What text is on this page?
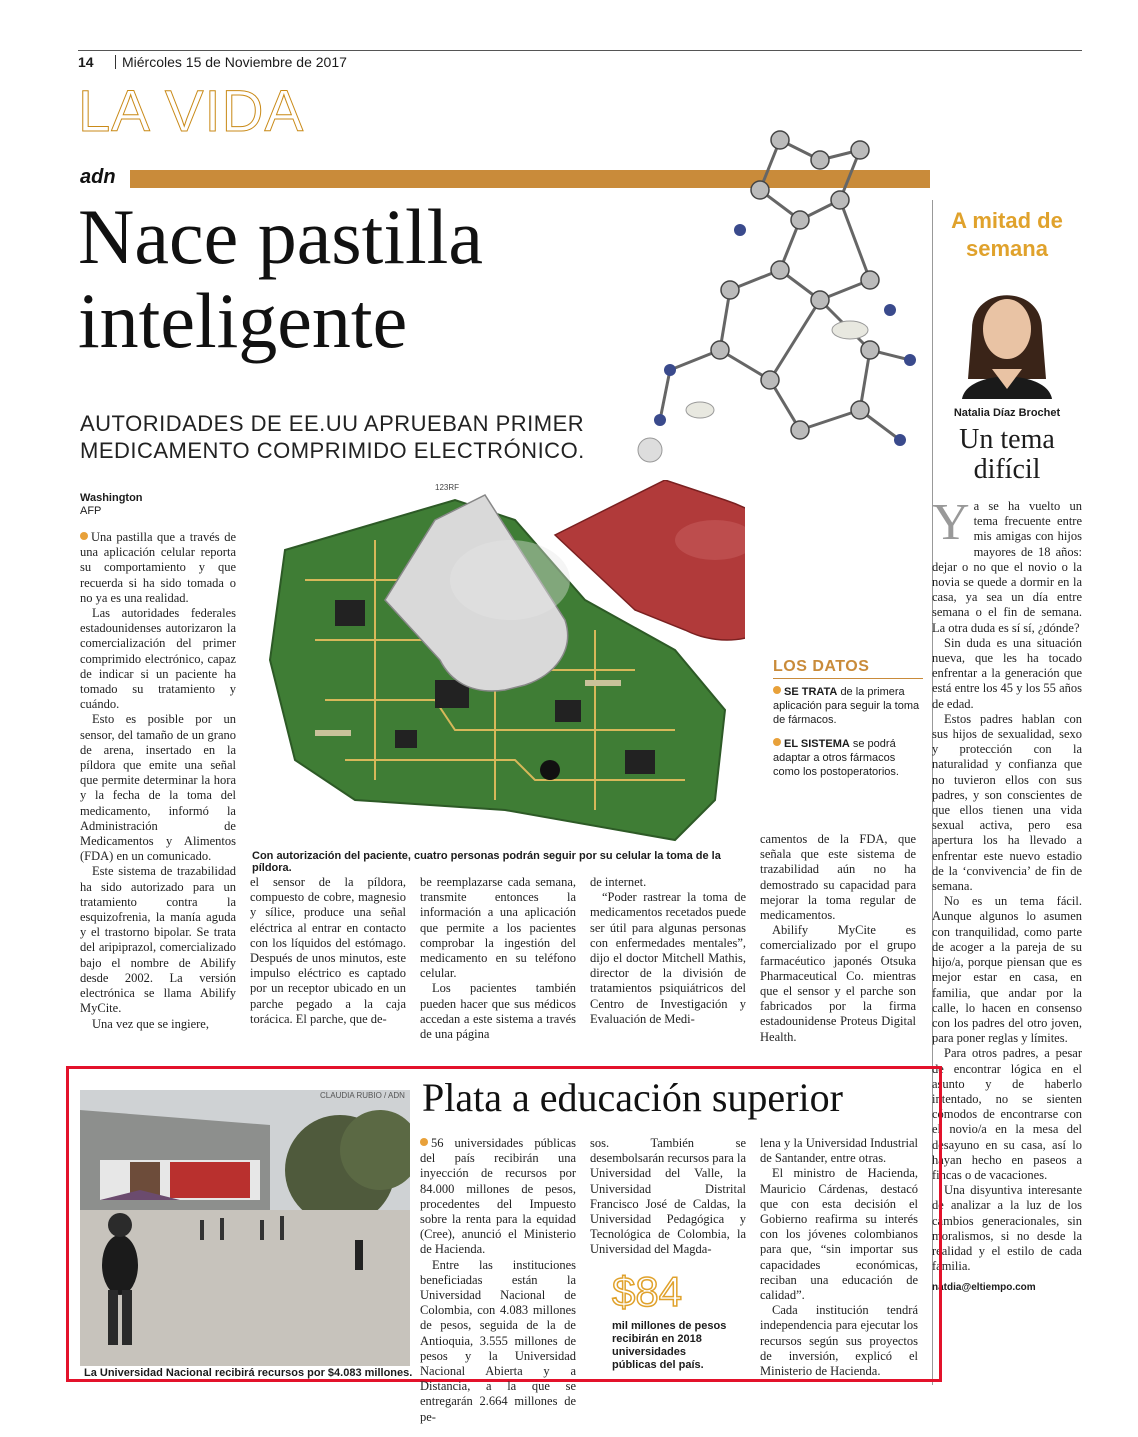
14 Miércoles 15 de Noviembre de 2017
LA VIDA
adn
Nace pastilla
inteligente
AUTORIDADES DE EE.UU APRUEBAN PRIMER
MEDICAMENTO COMPRIMIDO ELECTRÓNICO.
123RF
LOS DATOS
SE TRATA de la primera aplicación para seguir la toma de fármacos.
EL SISTEMA se podrá adaptar a otros fármacos como los postoperatorios.
Con autorización del paciente, cuatro personas podrán seguir por su celular la toma de la píldora.
Washington
AFP

Una pastilla que a través de una aplicación celular reporta su comportamiento y que recuerda si ha sido tomada o no ya es una realidad.

Las autoridades federales estadounidenses autorizaron la comercialización del primer comprimido electrónico, capaz de indicar si un paciente ha tomado su tratamiento y cuándo.

Esto es posible por un sensor, del tamaño de un grano de arena, insertado en la píldora que emite una señal que permite determinar la hora y la fecha de la toma del medicamento, informó la Administración de Medicamentos y Alimentos (FDA) en un comunicado.

Este sistema de trazabilidad ha sido autorizado para un tratamiento contra la esquizofrenia, la manía aguda y el trastorno bipolar. Se trata del aripiprazol, comercializado bajo el nombre de Abilify desde 2002. La versión electrónica se llama Abilify MyCite.

Una vez que se ingiere,

el sensor de la píldora, compuesto de cobre, magnesio y sílice, produce una señal eléctrica al entrar en contacto con los líquidos del estómago. Después de unos minutos, este impulso eléctrico es captado por un receptor ubicado en un parche pegado a la caja torácica. El parche, que de-

be reemplazarse cada semana, transmite entonces la información a una aplicación que permite a los pacientes comprobar la ingestión del medicamento en su teléfono celular.

Los pacientes también pueden hacer que sus médicos accedan a este sistema a través de una página

de internet.

“Poder rastrear la toma de medicamentos recetados puede ser útil para algunas personas con enfermedades mentales”, dijo el doctor Mitchell Mathis, director de la división de tratamientos psiquiátricos del Centro de Investigación y Evaluación de Medi-

camentos de la FDA, que señala que este sistema de trazabilidad aún no ha demostrado su capacidad para mejorar la toma regular de medicamentos.

Abilify MyCite es comercializado por el grupo farmacéutico japonés Otsuka Pharmaceutical Co. mientras que el sensor y el parche son fabricados por la firma estadounidense Proteus Digital Health.

A mitad de
semana
Natalia Díaz Brochet
Un tema
difícil

Ya se ha vuelto un tema frecuente entre mis amigas con hijos mayores de 18 años: dejar o no que el novio o la novia se quede a dormir en la casa, ya sea un día entre semana o el fin de semana. La otra duda es sí sí, ¿dónde?

Sin duda es una situación nueva, que les ha tocado enfrentar a la generación que está entre los 45 y los 55 años de edad.

Estos padres hablan con sus hijos de sexualidad, sexo y protección con la naturalidad y confianza que no tuvieron ellos con sus padres, y son conscientes de que ellos tienen una vida sexual activa, pero esa apertura los ha llevado a enfrentar este nuevo estadio de la ‘convivencia’ de fin de semana.

No es un tema fácil. Aunque algunos lo asumen con tranquilidad, como parte de acoger a la pareja de su hijo/a, porque piensan que es mejor estar en casa, en familia, que andar por la calle, lo hacen en consenso con los padres del otro joven, para poner reglas y límites.

Para otros padres, a pesar de encontrar lógica en el asunto y de haberlo intentado, no se sienten cómodos de encontrarse con el novio/a en la mesa del desayuno en su casa, así lo hayan hecho en paseos a fincas o de vacaciones.

Una disyuntiva interesante de analizar a la luz de los cambios generacionales, sin moralismos, si no desde la realidad y el estilo de cada familia.

natdia@eltiempo.com
CLAUDIA RUBIO / ADN
La Universidad Nacional recibirá recursos por $4.083 millones.
Plata a educación superior

56 universidades públicas del país recibirán una inyección de recursos por 84.000 millones de pesos, procedentes del Impuesto sobre la renta para la equidad (Cree), anunció el Ministerio de Hacienda.

Entre las instituciones beneficiadas están la Universidad Nacional de Colombia, con 4.083 millones de pesos, seguida de la de Antioquia, 3.555 millones de pesos y la Universidad Nacional Abierta y a Distancia, a la que se entregarán 2.664 millones de pe-

sos. También se desembolsarán recursos para la Universidad del Valle, la Universidad Distrital Francisco José de Caldas, la Universidad Pedagógica y Tecnológica de Colombia, la Universidad del Magda-

lena y la Universidad Industrial de Santander, entre otras.

El ministro de Hacienda, Mauricio Cárdenas, destacó que con esta decisión el Gobierno reafirma su interés con los jóvenes colombianos para que, “sin importar sus capacidades económicas, reciban una educación de calidad”.

Cada institución tendrá independencia para ejecutar los recursos según sus proyectos de inversión, explicó el Ministerio de Hacienda.

$84
mil millones de pesos recibirán en 2018 universidades públicas del país.
